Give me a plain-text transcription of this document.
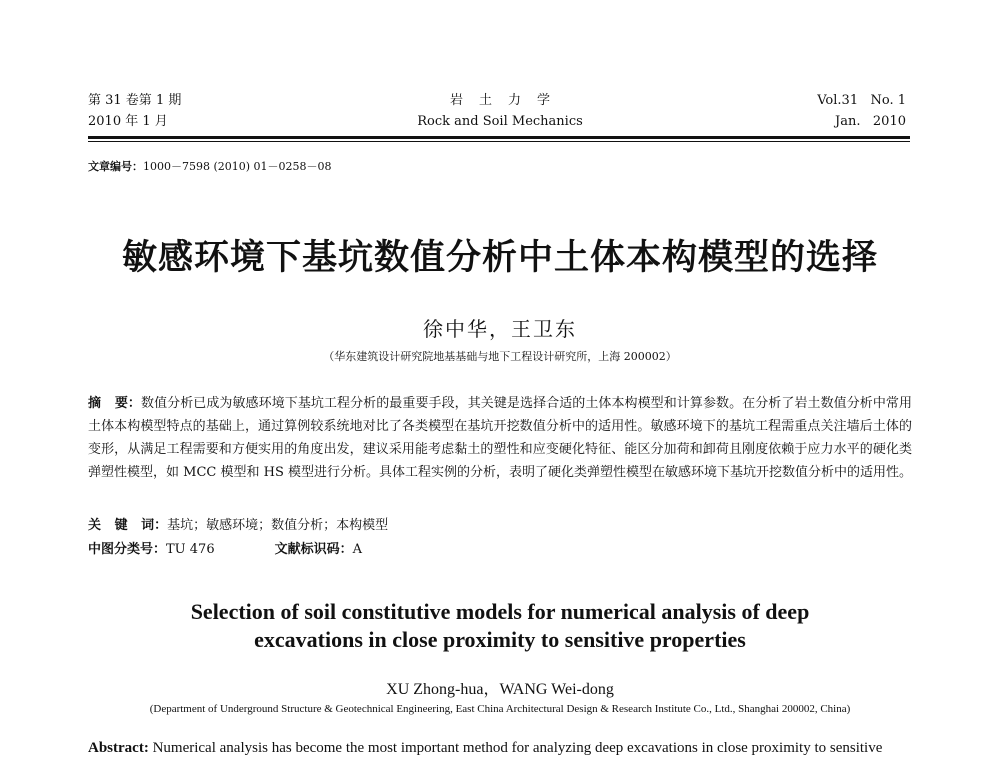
第 31 卷第 1 期
2010 年 1 月
岩土力学
Rock and Soil Mechanics
Vol.31   No. 1
Jan.   2010
文章编号：1000－7598 (2010) 01－0258－08
敏感环境下基坑数值分析中土体本构模型的选择
徐中华，王卫东
（华东建筑设计研究院地基基础与地下工程设计研究所，上海 200002）
摘   要：数值分析已成为敏感环境下基坑工程分析的最重要手段，其关键是选择合适的土体本构模型和计算参数。在分析了岩土数值分析中常用土体本构模型特点的基础上，通过算例较系统地对比了各类模型在基坑开挖数值分析中的适用性。敏感环境下的基坑工程需重点关注墙后土体的变形，从满足工程需要和方便实用的角度出发，建议采用能考虑黏土的塑性和应变硬化特征、能区分加荷和卸荷且刚度依赖于应力水平的硬化类弹塑性模型，如 MCC 模型和 HS 模型进行分析。具体工程实例的分析，表明了硬化类弹塑性模型在敏感环境下基坑开挖数值分析中的适用性。
关   键   词：基坑；敏感环境；数值分析；本构模型
中图分类号：TU 476	文献标识码：A
Selection of soil constitutive models for numerical analysis of deep
excavations in close proximity to sensitive properties
XU Zhong-hua，WANG Wei-dong
(Department of Underground Structure & Geotechnical Engineering, East China Architectural Design & Research Institute Co., Ltd., Shanghai 200002, China)
Abstract: Numerical analysis has become the most important method for analyzing deep excavations in close proximity to sensitive
